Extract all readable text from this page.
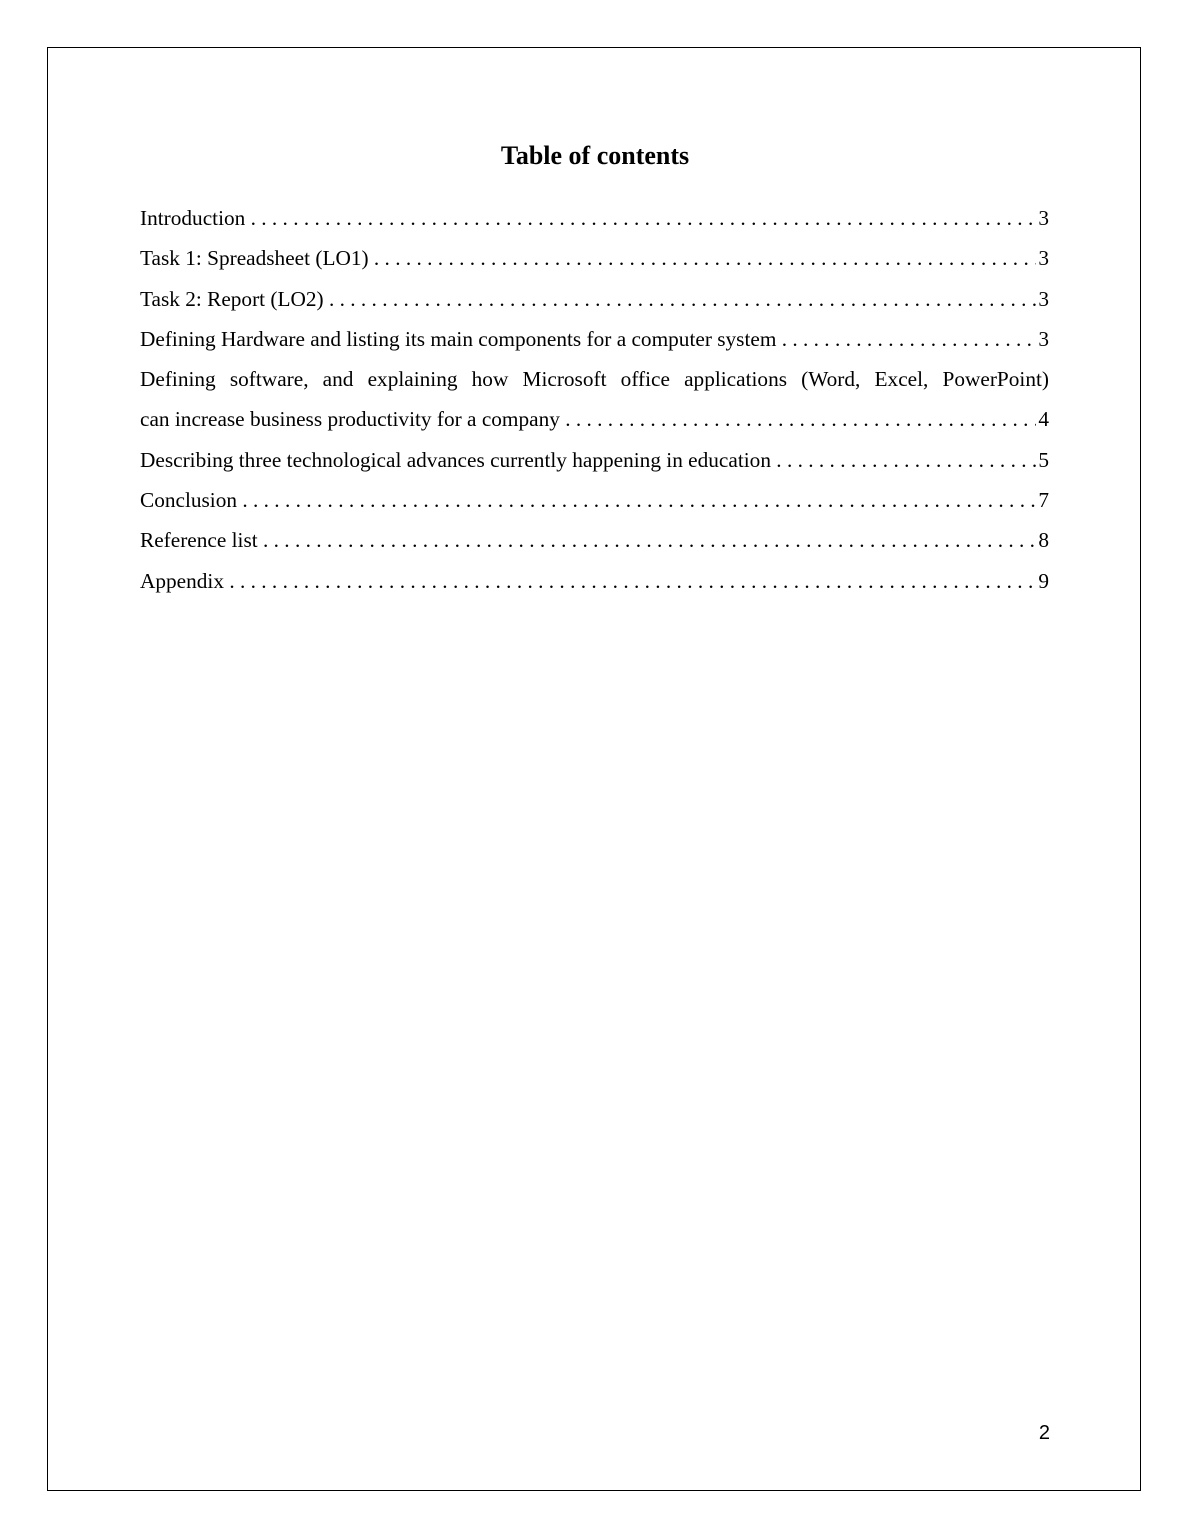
Table of contents
Introduction . . .	3
Task 1: Spreadsheet (LO1) . . .	3
Task 2: Report (LO2) . . .	3
Defining Hardware and listing its main components for a computer system . . .	3
Defining software, and explaining how Microsoft office applications (Word, Excel, PowerPoint)
can increase business productivity for a company . . .	4
Describing three technological advances currently happening in education . . .	5
Conclusion . . .	7
Reference list . . .	8
Appendix . . .	9
2
